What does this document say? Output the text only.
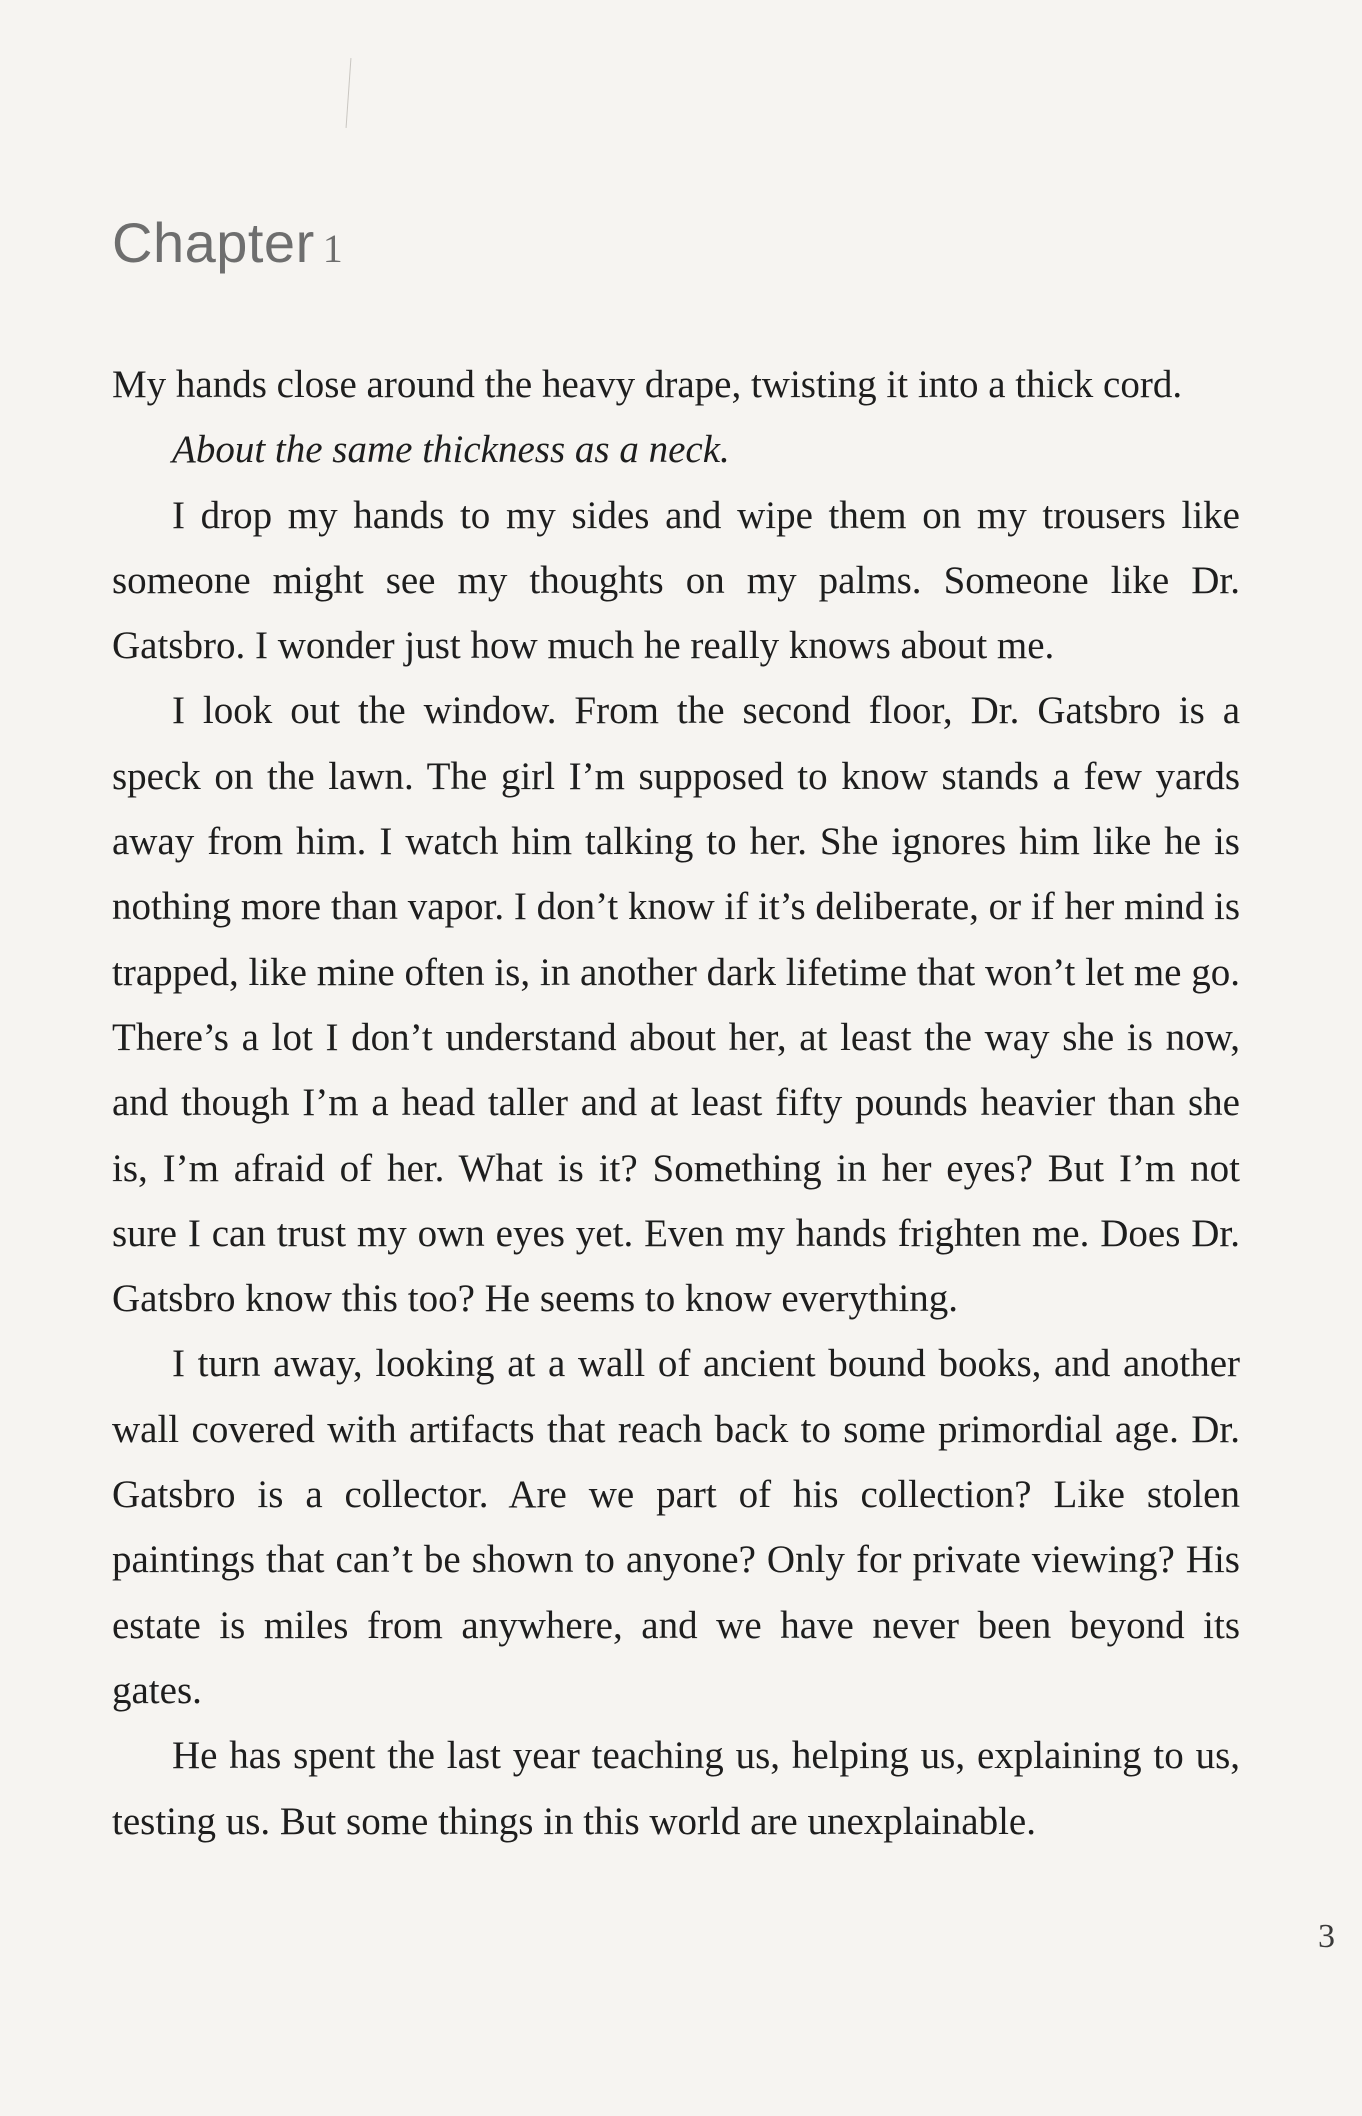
Chapter 1

My hands close around the heavy drape, twisting it into a thick cord.

About the same thickness as a neck.

I drop my hands to my sides and wipe them on my trousers like someone might see my thoughts on my palms. Someone like Dr. Gatsbro. I wonder just how much he really knows about me.

I look out the window. From the second floor, Dr. Gatsbro is a speck on the lawn. The girl I’m supposed to know stands a few yards away from him. I watch him talking to her. She ignores him like he is nothing more than vapor. I don’t know if it’s deliberate, or if her mind is trapped, like mine often is, in another dark lifetime that won’t let me go. There’s a lot I don’t understand about her, at least the way she is now, and though I’m a head taller and at least fifty pounds heavier than she is, I’m afraid of her. What is it? Something in her eyes? But I’m not sure I can trust my own eyes yet. Even my hands frighten me. Does Dr. Gatsbro know this too? He seems to know everything.

I turn away, looking at a wall of ancient bound books, and another wall covered with artifacts that reach back to some primordial age. Dr. Gatsbro is a collector. Are we part of his collection? Like stolen paintings that can’t be shown to anyone? Only for private viewing? His estate is miles from anywhere, and we have never been beyond its gates.

He has spent the last year teaching us, helping us, explaining to us, testing us. But some things in this world are unexplainable.

3
